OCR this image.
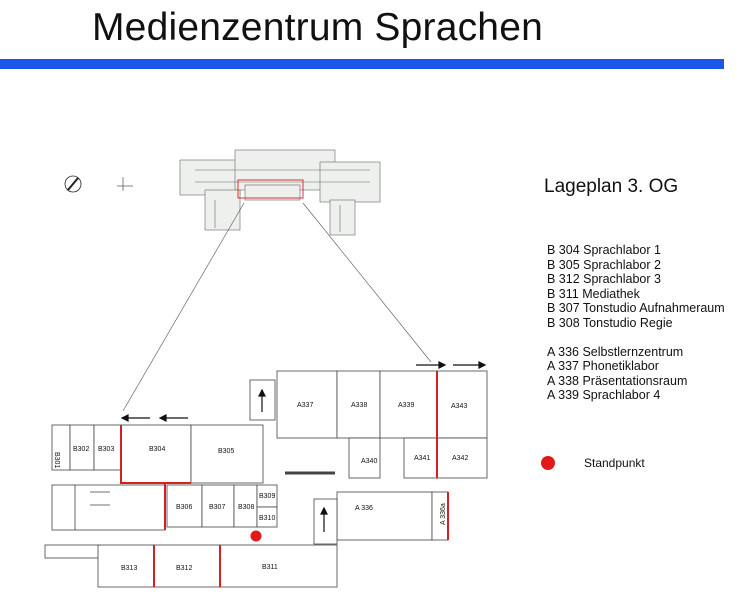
Medienzentrum Sprachen
B301
B302 B303	B304	B305
B306 B307 B308
B309
B310
B313	B312	B311
A337	A338	A339	A343
A340	A341	A342
A 336	A 336a
Lageplan 3. OG
B 304 Sprachlabor 1
B 305 Sprachlabor 2
B 312 Sprachlabor 3
B 311 Mediathek
B 307 Tonstudio Aufnahmeraum
B 308 Tonstudio Regie
A 336 Selbstlernzentrum
A 337 Phonetiklabor
A 338 Präsentationsraum
A 339 Sprachlabor 4
Standpunkt
